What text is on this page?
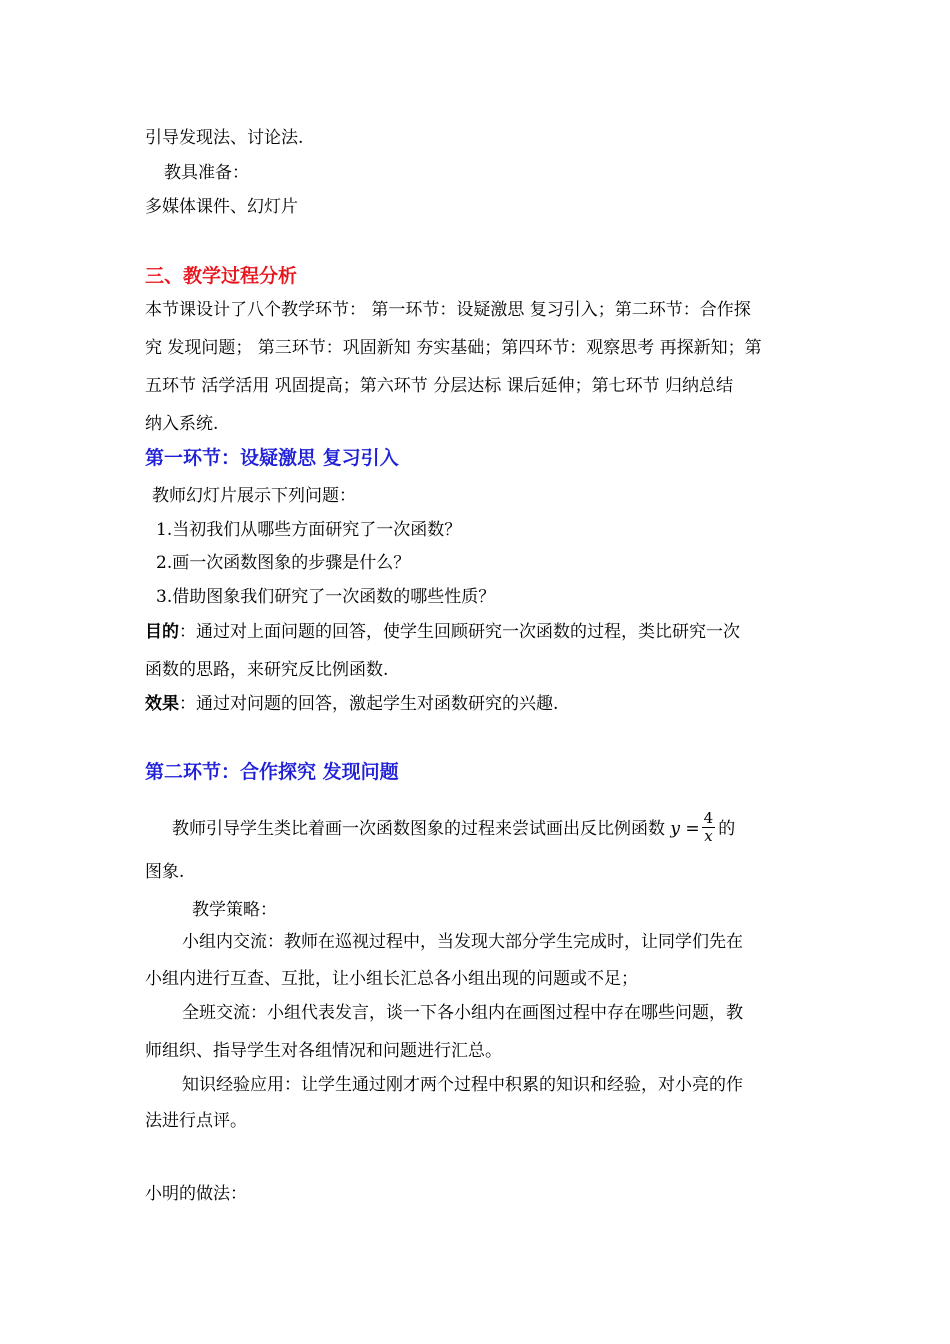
引导发现法、讨论法.
教具准备：
多媒体课件、幻灯片
三、教学过程分析
本节课设计了八个教学环节： 第一环节：设疑激思 复习引入；第二环节：合作探
究 发现问题； 第三环节：巩固新知 夯实基础；第四环节：观察思考 再探新知；第
五环节 活学活用 巩固提高；第六环节 分层达标 课后延伸；第七环节 归纳总结
纳入系统.
第一环节：设疑激思 复习引入
教师幻灯片展示下列问题：
1.当初我们从哪些方面研究了一次函数？
2.画一次函数图象的步骤是什么？
3.借助图象我们研究了一次函数的哪些性质？
目的：通过对上面问题的回答，使学生回顾研究一次函数的过程，类比研究一次
函数的思路，来研究反比例函数.
效果：通过对问题的回答，激起学生对函数研究的兴趣.
第二环节：合作探究 发现问题
教师引导学生类比着画一次函数图象的过程来尝试画出反比例函数 $y = \frac{4}{x}$ 的
图象.
教学策略：
小组内交流：教师在巡视过程中，当发现大部分学生完成时，让同学们先在
小组内进行互查、互批，让小组长汇总各小组出现的问题或不足；
全班交流：小组代表发言，谈一下各小组内在画图过程中存在哪些问题，教
师组织、指导学生对各组情况和问题进行汇总。
知识经验应用：让学生通过刚才两个过程中积累的知识和经验，对小亮的作
法进行点评。
小明的做法：
